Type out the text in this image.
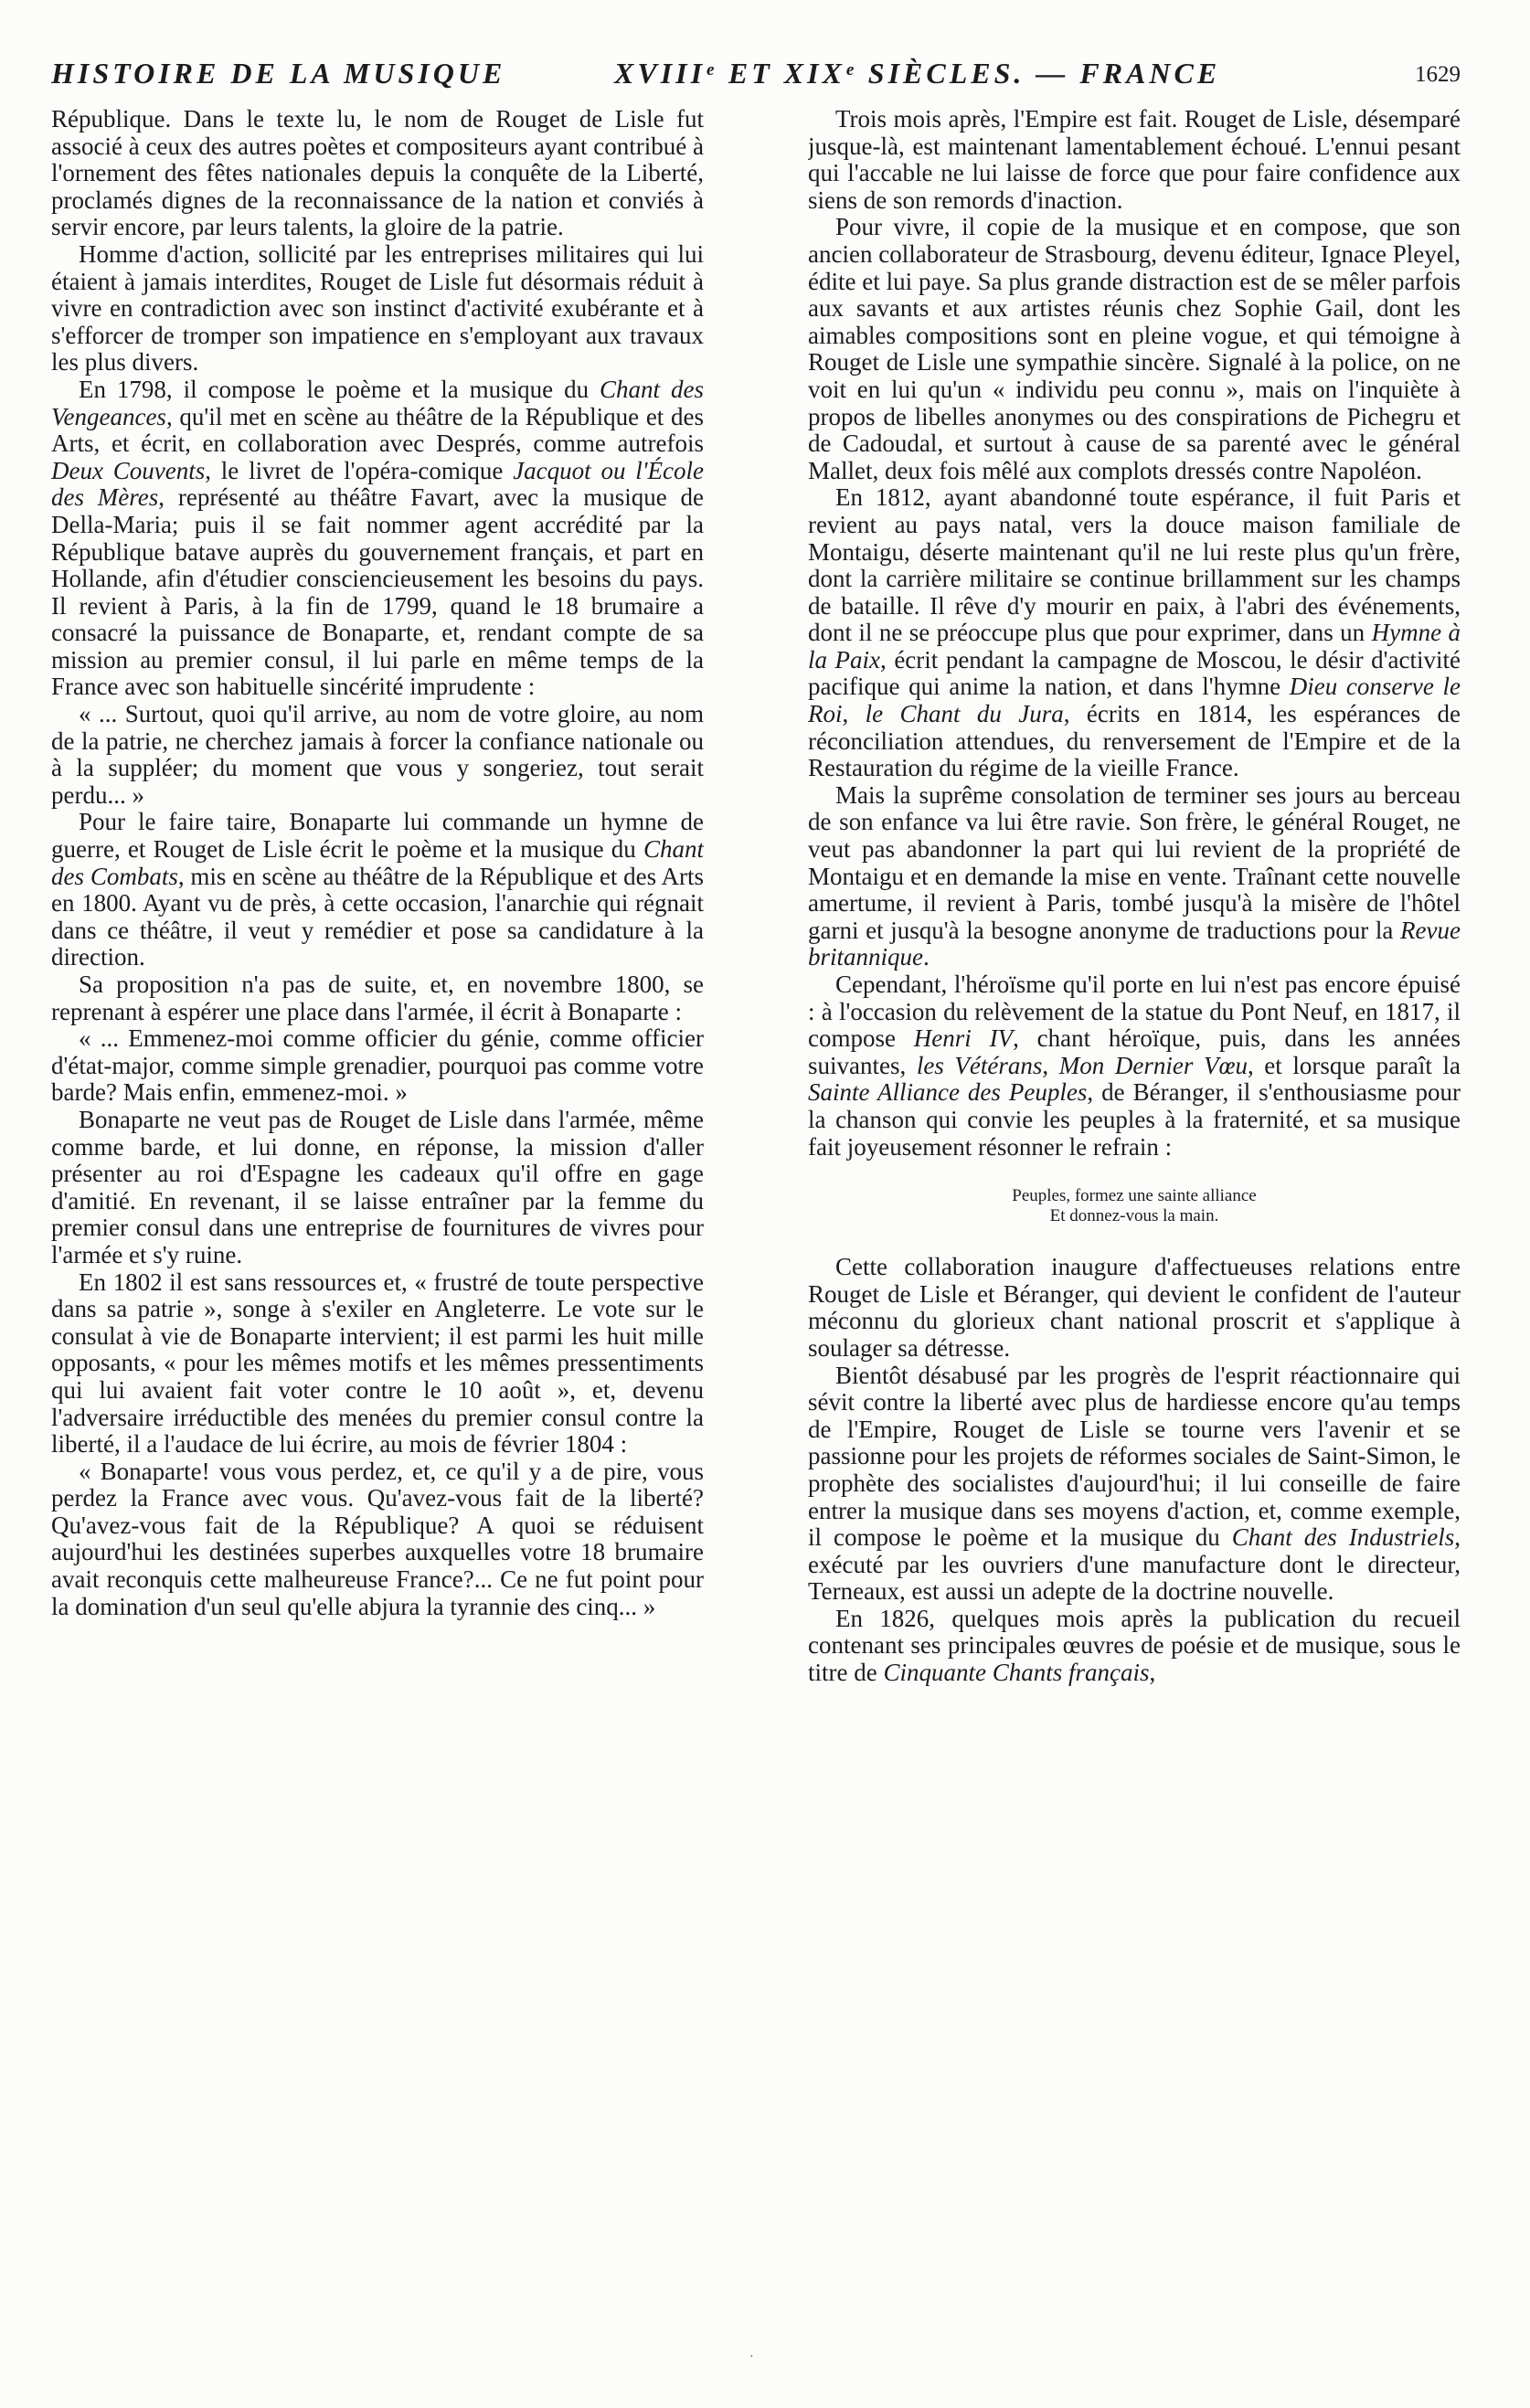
HISTOIRE DE LA MUSIQUE	XVIIIᵉ ET XIXᵉ SIÈCLES. — FRANCE	1629

République. Dans le texte lu, le nom de Rouget de Lisle fut associé à ceux des autres poètes et compositeurs ayant contribué à l'ornement des fêtes nationales depuis la conquête de la Liberté, proclamés dignes de la reconnaissance de la nation et conviés à servir encore, par leurs talents, la gloire de la patrie.

Homme d'action, sollicité par les entreprises militaires qui lui étaient à jamais interdites, Rouget de Lisle fut désormais réduit à vivre en contradiction avec son instinct d'activité exubérante et à s'efforcer de tromper son impatience en s'employant aux travaux les plus divers.

En 1798, il compose le poème et la musique du Chant des Vengeances, qu'il met en scène au théâtre de la République et des Arts, et écrit, en collaboration avec Després, comme autrefois Deux Couvents, le livret de l'opéra-comique Jacquot ou l'École des Mères, représenté au théâtre Favart, avec la musique de Della-Maria; puis il se fait nommer agent accrédité par la République batave auprès du gouvernement français, et part en Hollande, afin d'étudier consciencieusement les besoins du pays. Il revient à Paris, à la fin de 1799, quand le 18 brumaire a consacré la puissance de Bonaparte, et, rendant compte de sa mission au premier consul, il lui parle en même temps de la France avec son habituelle sincérité imprudente :

« ... Surtout, quoi qu'il arrive, au nom de votre gloire, au nom de la patrie, ne cherchez jamais à forcer la confiance nationale ou à la suppléer; du moment que vous y songeriez, tout serait perdu... »

Pour le faire taire, Bonaparte lui commande un hymne de guerre, et Rouget de Lisle écrit le poème et la musique du Chant des Combats, mis en scène au théâtre de la République et des Arts en 1800. Ayant vu de près, à cette occasion, l'anarchie qui régnait dans ce théâtre, il veut y remédier et pose sa candidature à la direction.

Sa proposition n'a pas de suite, et, en novembre 1800, se reprenant à espérer une place dans l'armée, il écrit à Bonaparte :

« ... Emmenez-moi comme officier du génie, comme officier d'état-major, comme simple grenadier, pourquoi pas comme votre barde? Mais enfin, emmenez-moi. »

Bonaparte ne veut pas de Rouget de Lisle dans l'armée, même comme barde, et lui donne, en réponse, la mission d'aller présenter au roi d'Espagne les cadeaux qu'il offre en gage d'amitié. En revenant, il se laisse entraîner par la femme du premier consul dans une entreprise de fournitures de vivres pour l'armée et s'y ruine.

En 1802 il est sans ressources et, « frustré de toute perspective dans sa patrie », songe à s'exiler en Angleterre. Le vote sur le consulat à vie de Bonaparte intervient; il est parmi les huit mille opposants, « pour les mêmes motifs et les mêmes pressentiments qui lui avaient fait voter contre le 10 août », et, devenu l'adversaire irréductible des menées du premier consul contre la liberté, il a l'audace de lui écrire, au mois de février 1804 :

« Bonaparte! vous vous perdez, et, ce qu'il y a de pire, vous perdez la France avec vous. Qu'avez-vous fait de la liberté? Qu'avez-vous fait de la République? A quoi se réduisent aujourd'hui les destinées superbes auxquelles votre 18 brumaire avait reconquis cette malheureuse France?... Ce ne fut point pour la domination d'un seul qu'elle abjura la tyrannie des cinq... »

Trois mois après, l'Empire est fait. Rouget de Lisle, désemparé jusque-là, est maintenant lamentablement échoué. L'ennui pesant qui l'accable ne lui laisse de force que pour faire confidence aux siens de son remords d'inaction.

Pour vivre, il copie de la musique et en compose, que son ancien collaborateur de Strasbourg, devenu éditeur, Ignace Pleyel, édite et lui paye. Sa plus grande distraction est de se mêler parfois aux savants et aux artistes réunis chez Sophie Gail, dont les aimables compositions sont en pleine vogue, et qui témoigne à Rouget de Lisle une sympathie sincère. Signalé à la police, on ne voit en lui qu'un « individu peu connu », mais on l'inquiète à propos de libelles anonymes ou des conspirations de Pichegru et de Cadoudal, et surtout à cause de sa parenté avec le général Mallet, deux fois mêlé aux complots dressés contre Napoléon.

En 1812, ayant abandonné toute espérance, il fuit Paris et revient au pays natal, vers la douce maison familiale de Montaigu, déserte maintenant qu'il ne lui reste plus qu'un frère, dont la carrière militaire se continue brillamment sur les champs de bataille. Il rêve d'y mourir en paix, à l'abri des événements, dont il ne se préoccupe plus que pour exprimer, dans un Hymne à la Paix, écrit pendant la campagne de Moscou, le désir d'activité pacifique qui anime la nation, et dans l'hymne Dieu conserve le Roi, le Chant du Jura, écrits en 1814, les espérances de réconciliation attendues, du renversement de l'Empire et de la Restauration du régime de la vieille France.

Mais la suprême consolation de terminer ses jours au berceau de son enfance va lui être ravie. Son frère, le général Rouget, ne veut pas abandonner la part qui lui revient de la propriété de Montaigu et en demande la mise en vente. Traînant cette nouvelle amertume, il revient à Paris, tombé jusqu'à la misère de l'hôtel garni et jusqu'à la besogne anonyme de traductions pour la Revue britannique.

Cependant, l'héroïsme qu'il porte en lui n'est pas encore épuisé : à l'occasion du relèvement de la statue du Pont Neuf, en 1817, il compose Henri IV, chant héroïque, puis, dans les années suivantes, les Vétérans, Mon Dernier Vœu, et lorsque paraît la Sainte Alliance des Peuples, de Béranger, il s'enthousiasme pour la chanson qui convie les peuples à la fraternité, et sa musique fait joyeusement résonner le refrain :

Peuples, formez une sainte alliance
Et donnez-vous la main.

Cette collaboration inaugure d'affectueuses relations entre Rouget de Lisle et Béranger, qui devient le confident de l'auteur méconnu du glorieux chant national proscrit et s'applique à soulager sa détresse.

Bientôt désabusé par les progrès de l'esprit réactionnaire qui sévit contre la liberté avec plus de hardiesse encore qu'au temps de l'Empire, Rouget de Lisle se tourne vers l'avenir et se passionne pour les projets de réformes sociales de Saint-Simon, le prophète des socialistes d'aujourd'hui; il lui conseille de faire entrer la musique dans ses moyens d'action, et, comme exemple, il compose le poème et la musique du Chant des Industriels, exécuté par les ouvriers d'une manufacture dont le directeur, Terneaux, est aussi un adepte de la doctrine nouvelle.

En 1826, quelques mois après la publication du recueil contenant ses principales œuvres de poésie et de musique, sous le titre de Cinquante Chants français,

·
